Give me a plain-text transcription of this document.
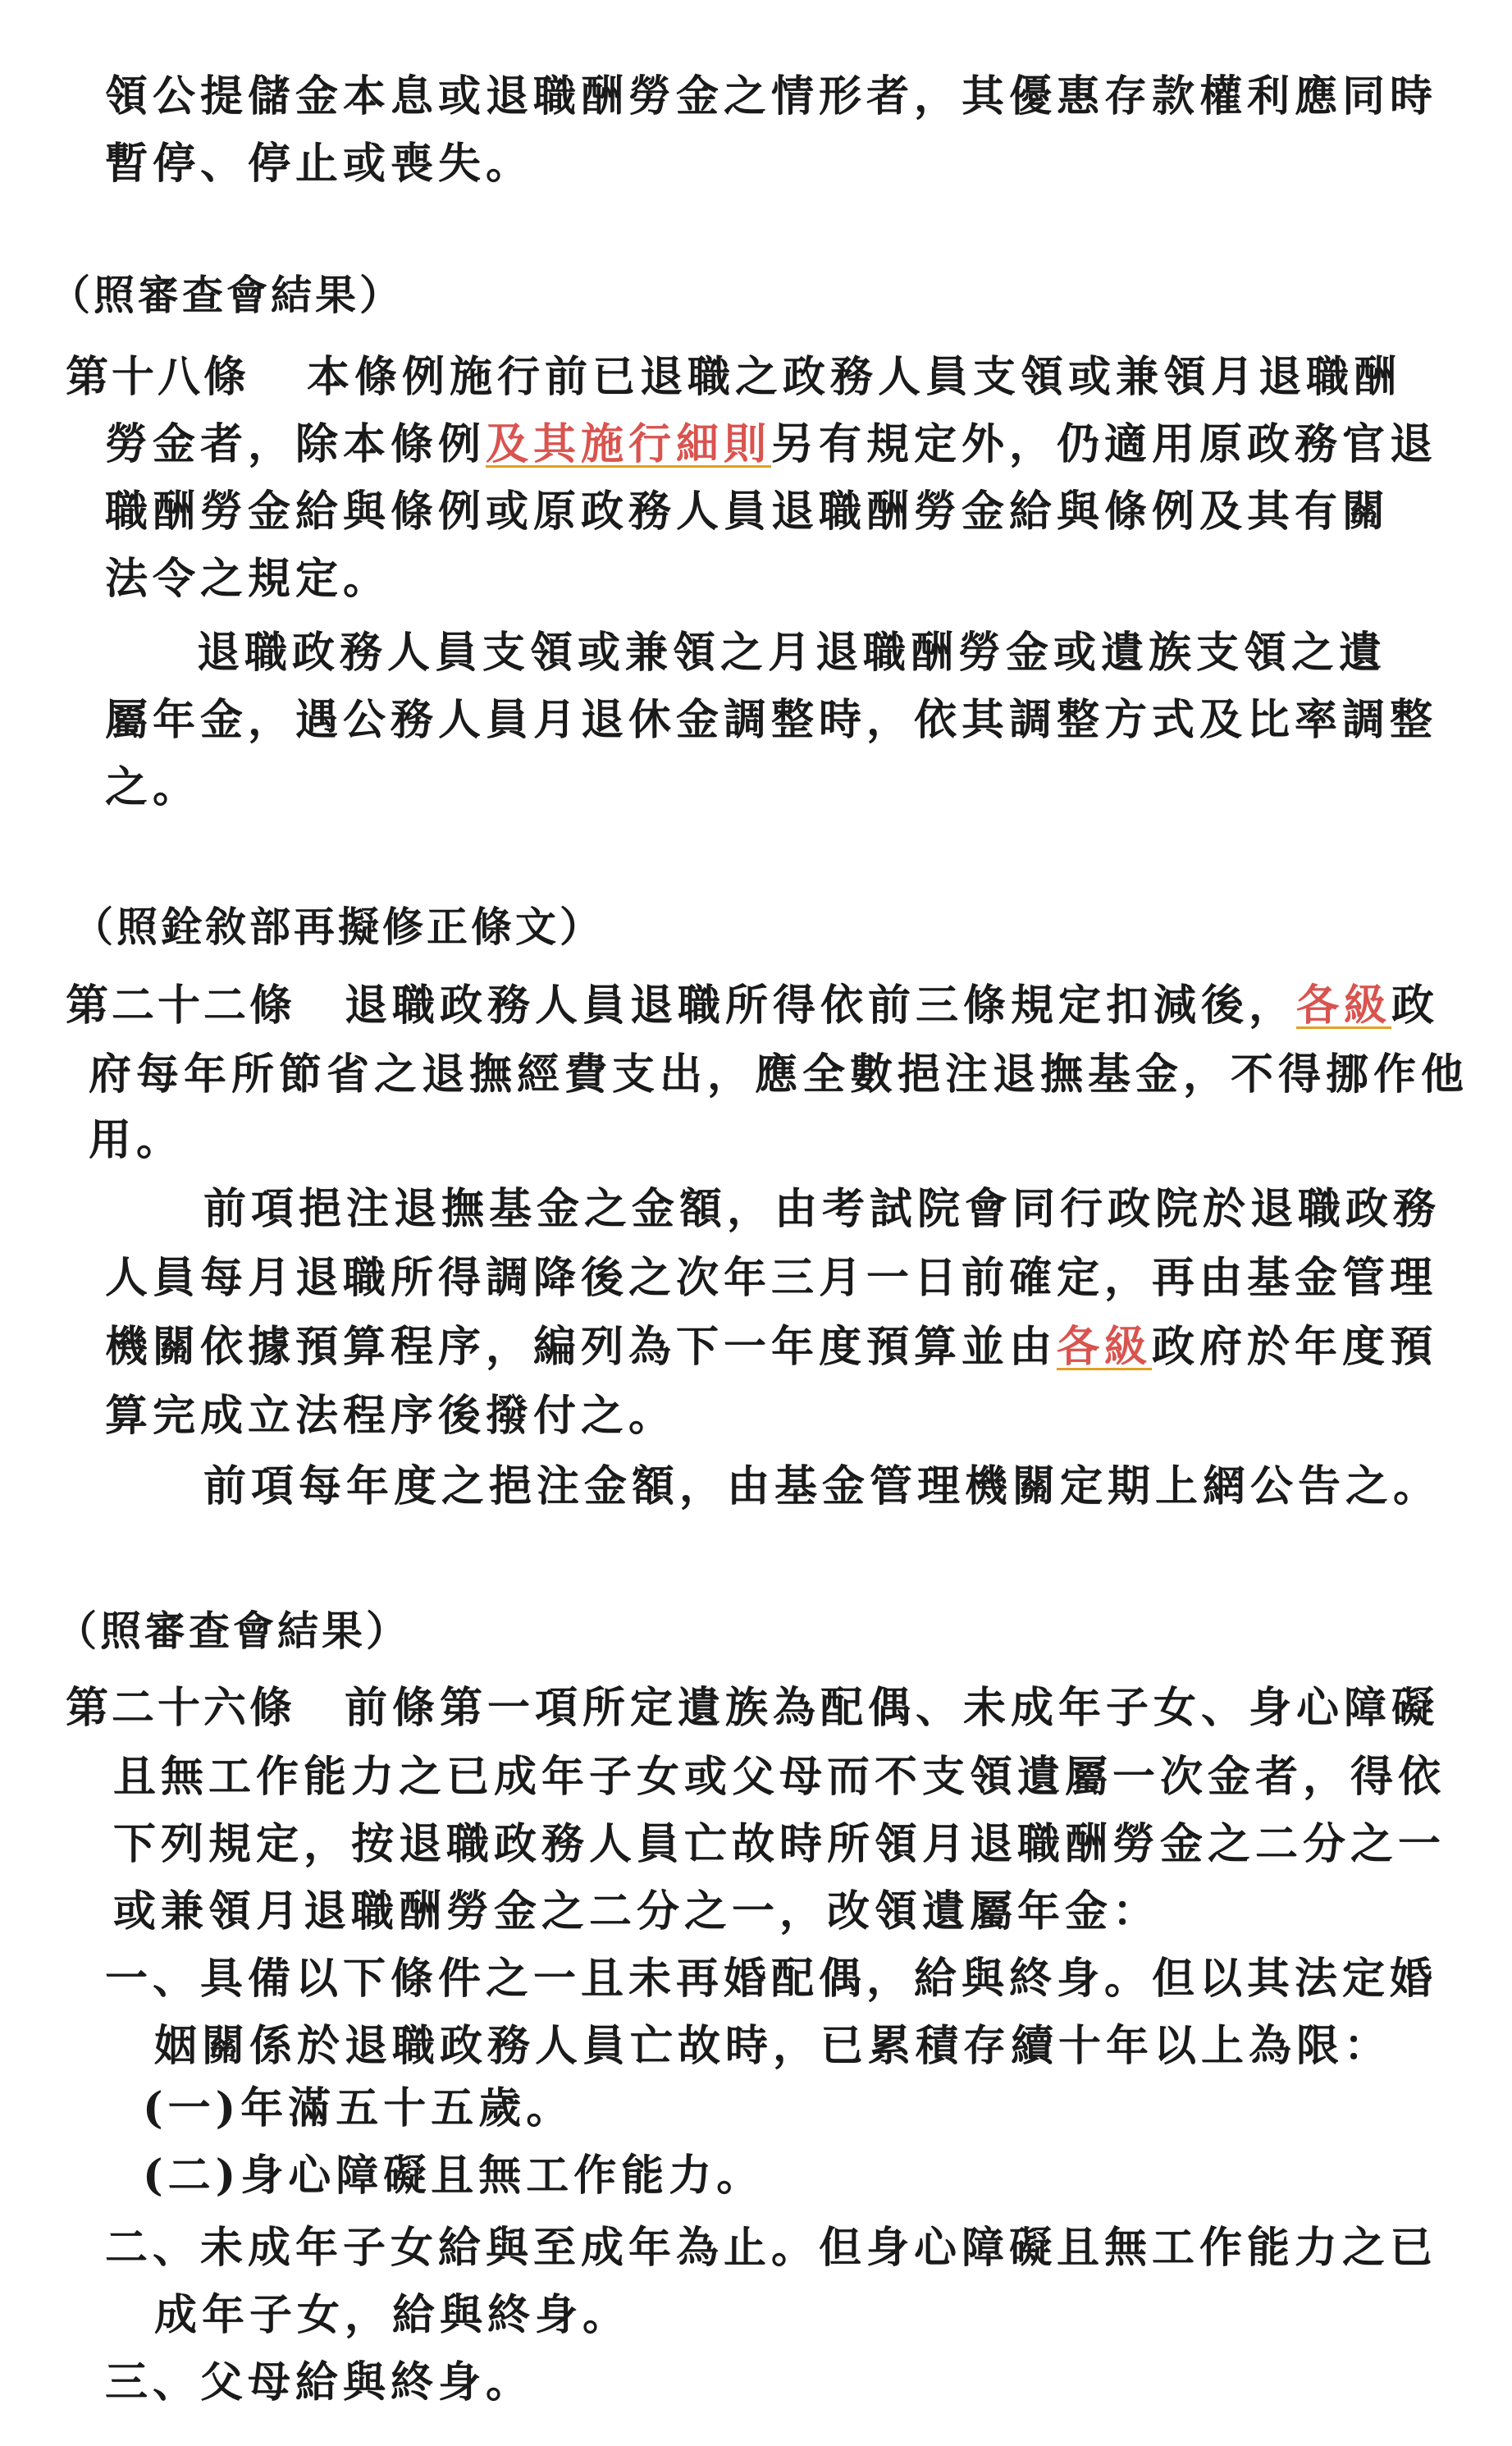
領公提儲金本息或退職酬勞金之情形者，其優惠存款權利應同時
暫停、停止或喪失。
（照審查會結果）
第十八條 本條例施行前已退職之政務人員支領或兼領月退職酬
勞金者，除本條例及其施行細則另有規定外，仍適用原政務官退
職酬勞金給與條例或原政務人員退職酬勞金給與條例及其有關
法令之規定。
退職政務人員支領或兼領之月退職酬勞金或遺族支領之遺
屬年金，遇公務人員月退休金調整時，依其調整方式及比率調整
之。
（照銓敘部再擬修正條文）
第二十二條 退職政務人員退職所得依前三條規定扣減後，各級政
府每年所節省之退撫經費支出，應全數挹注退撫基金，不得挪作他
用。
前項挹注退撫基金之金額，由考試院會同行政院於退職政務
人員每月退職所得調降後之次年三月一日前確定，再由基金管理
機關依據預算程序，編列為下一年度預算並由各級政府於年度預
算完成立法程序後撥付之。
前項每年度之挹注金額，由基金管理機關定期上網公告之。
（照審查會結果）
第二十六條 前條第一項所定遺族為配偶、未成年子女、身心障礙
且無工作能力之已成年子女或父母而不支領遺屬一次金者，得依
下列規定，按退職政務人員亡故時所領月退職酬勞金之二分之一
或兼領月退職酬勞金之二分之一，改領遺屬年金：
一、具備以下條件之一且未再婚配偶，給與終身。但以其法定婚
姻關係於退職政務人員亡故時，已累積存續十年以上為限：
(一)年滿五十五歲。
(二)身心障礙且無工作能力。
二、未成年子女給與至成年為止。但身心障礙且無工作能力之已
成年子女，給與終身。
三、父母給與終身。
